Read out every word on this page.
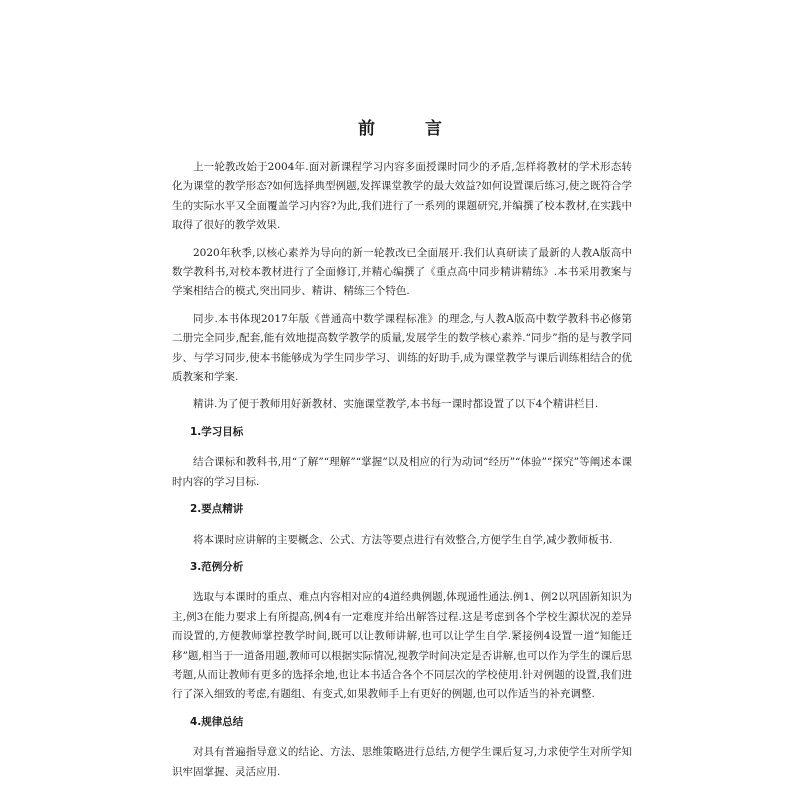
前 言

上一轮教改始于2004年.面对新课程学习内容多面授课时同少的矛盾,怎样将教材的学术形态转化为课堂的教学形态?如何选择典型例题,发挥课堂教学的最大效益?如何设置课后练习,使之既符合学生的实际水平又全面覆盖学习内容?为此,我们进行了一系列的课题研究,并编撰了校本教材,在实践中取得了很好的教学效果.

2020年秋季,以核心素养为导向的新一轮教改已全面展开.我们认真研读了最新的人教A版高中数学教科书,对校本教材进行了全面修订,并精心编撰了《重点高中同步精讲精练》.本书采用教案与学案相结合的模式,突出同步、精讲、精练三个特色.

同步.本书体现2017年版《普通高中数学课程标准》的理念,与人教A版高中数学教科书必修第二册完全同步,配套,能有效地提高数学教学的质量,发展学生的数学核心素养.“同步”指的是与教学同步、与学习同步,使本书能够成为学生同步学习、训练的好助手,成为课堂教学与课后训练相结合的优质教案和学案.

精讲.为了便于教师用好新教材、实施课堂教学,本书每一课时都设置了以下4个精讲栏目.

1.学习目标

结合课标和教科书,用“了解”“理解”“掌握”以及相应的行为动词“经历”“体验”“探究”等阐述本课时内容的学习目标.

2.要点精讲

将本课时应讲解的主要概念、公式、方法等要点进行有效整合,方便学生自学,减少教师板书.

3.范例分析

选取与本课时的重点、难点内容相对应的4道经典例题,体现通性通法.例1、例2以巩固新知识为主,例3在能力要求上有所提高,例4有一定难度并给出解答过程.这是考虑到各个学校生源状况的差异而设置的,方便教师掌控教学时间,既可以让教师讲解,也可以让学生自学.紧接例4设置一道“知能迁移”题,相当于一道备用题,教师可以根据实际情况,视教学时间决定是否讲解,也可以作为学生的课后思考题,从而让教师有更多的选择余地,也让本书适合各个不同层次的学校使用.针对例题的设置,我们进行了深入细致的考虑,有题组、有变式,如果教师手上有更好的例题,也可以作适当的补充调整.

4.规律总结

对具有普遍指导意义的结论、方法、思维策略进行总结,方便学生课后复习,力求使学生对所学知识牢固掌握、灵活应用.
